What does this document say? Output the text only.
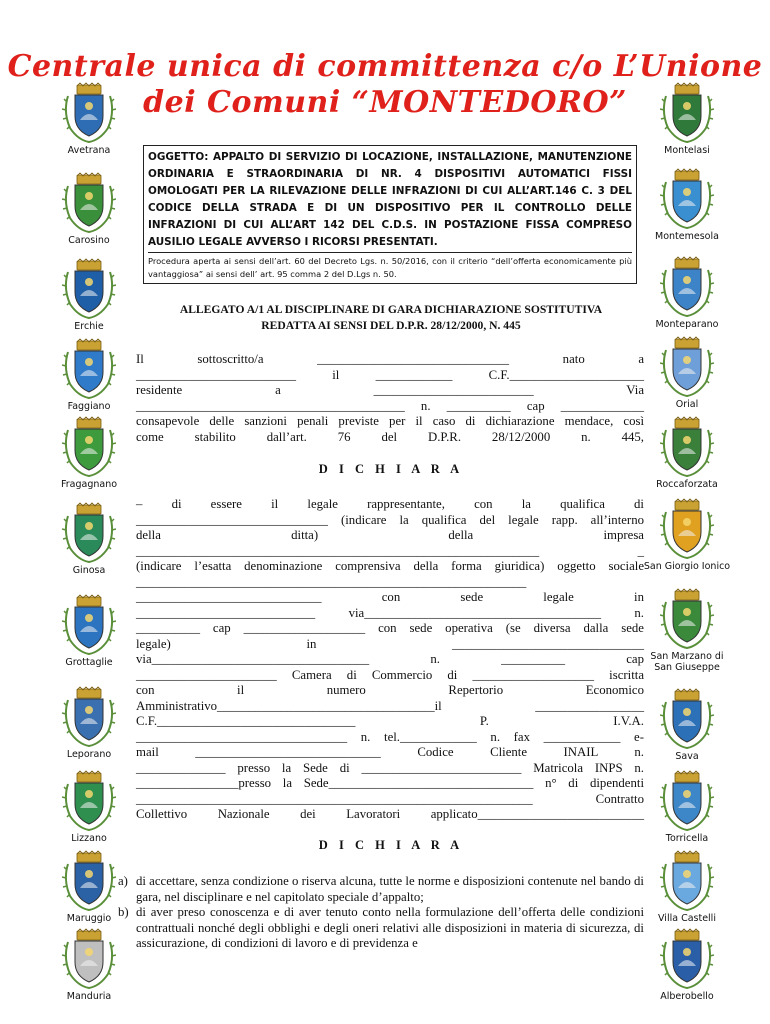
Centrale unica di committenza c/o L’Unione
dei Comuni “MONTEDORO”
Avetrana
Carosino
Erchie
Faggiano
Fragagnano
Ginosa
Grottaglie
Leporano
Lizzano
Maruggio
Manduria
Montelasi
Montemesola
Monteparano
Orial
Roccaforzata
San Giorgio Ionico
San Marzano di San Giuseppe
Sava
Torricella
Villa Castelli
Alberobello

OGGETTO: APPALTO DI SERVIZIO DI LOCAZIONE, INSTALLAZIONE, MANUTENZIONE ORDINARIA E STRAORDINARIA DI NR. 4 DISPOSITIVI AUTOMATICI FISSI OMOLOGATI PER LA RILEVAZIONE DELLE INFRAZIONI DI CUI ALL’ART.146 C. 3 DEL CODICE DELLA STRADA E DI UN DISPOSITIVO PER IL CONTROLLO DELLE INFRAZIONI DI CUI ALL’ART 142 DEL C.D.S. IN POSTAZIONE FISSA COMPRESO AUSILIO LEGALE AVVERSO I RICORSI PRESENTATI.

Procedura aperta ai sensi dell’art. 60 del Decreto Lgs. n. 50/2016, con il criterio “dell’offerta economicamente più vantaggiosa” ai sensi dell’ art. 95 comma 2 del D.Lgs n. 50.

ALLEGATO A/1 AL DISCIPLINARE DI GARA DICHIARAZIONE SOSTITUTIVA
REDATTA AI SENSI DEL D.P.R. 28/12/2000, N. 445

Il sottoscritto/a ______________________________ nato a

_________________________ il ____________ C.F._____________________

residente a _________________________ Via

__________________________________________ n. __________ cap _____________

consapevole delle sanzioni penali previste per il caso di dichiarazione mendace, così

come stabilito dall’art. 76 del D.P.R. 28/12/2000 n. 445,

D I C H I A R A

– di essere il legale rappresentante, con la qualifica di

______________________________ (indicare la qualifica del legale rapp. all’interno

della ditta) della impresa

_______________________________________________________________ _

(indicare l’esatta denominazione comprensiva della forma giuridica) oggetto sociale

_____________________________________________________________

_____________________________ con sede legale in

____________________________ via_____________________________________ n.

__________ cap ___________________ con sede operativa (se diversa dalla sede

legale) in ______________________________

via__________________________________ n. __________ cap

______________________ Camera di Commercio di ___________________ iscritta

con il numero Repertorio Economico

Amministrativo__________________________________il _________________

C.F._______________________________ P. I.V.A.

_________________________________ n. tel.____________ n. fax ____________ e-

mail _____________________________ Codice Cliente INAIL n.

______________ presso la Sede di _________________________ Matricola INPS n.

________________presso la Sede________________________________ n° di dipendenti

______________________________________________________________ Contratto

Collettivo Nazionale dei Lavoratori applicato__________________________

D I C H I A R A
a) di accettare, senza condizione o riserva alcuna, tutte le norme e disposizioni contenute nel bando di gara, nel disciplinare e nel capitolato speciale d’appalto;
b) di aver preso conoscenza e di aver tenuto conto nella formulazione dell’offerta delle condizioni contrattuali nonché degli obblighi e degli oneri relativi alle disposizioni in materia di sicurezza, di assicurazione, di condizioni di lavoro e di previdenza e
